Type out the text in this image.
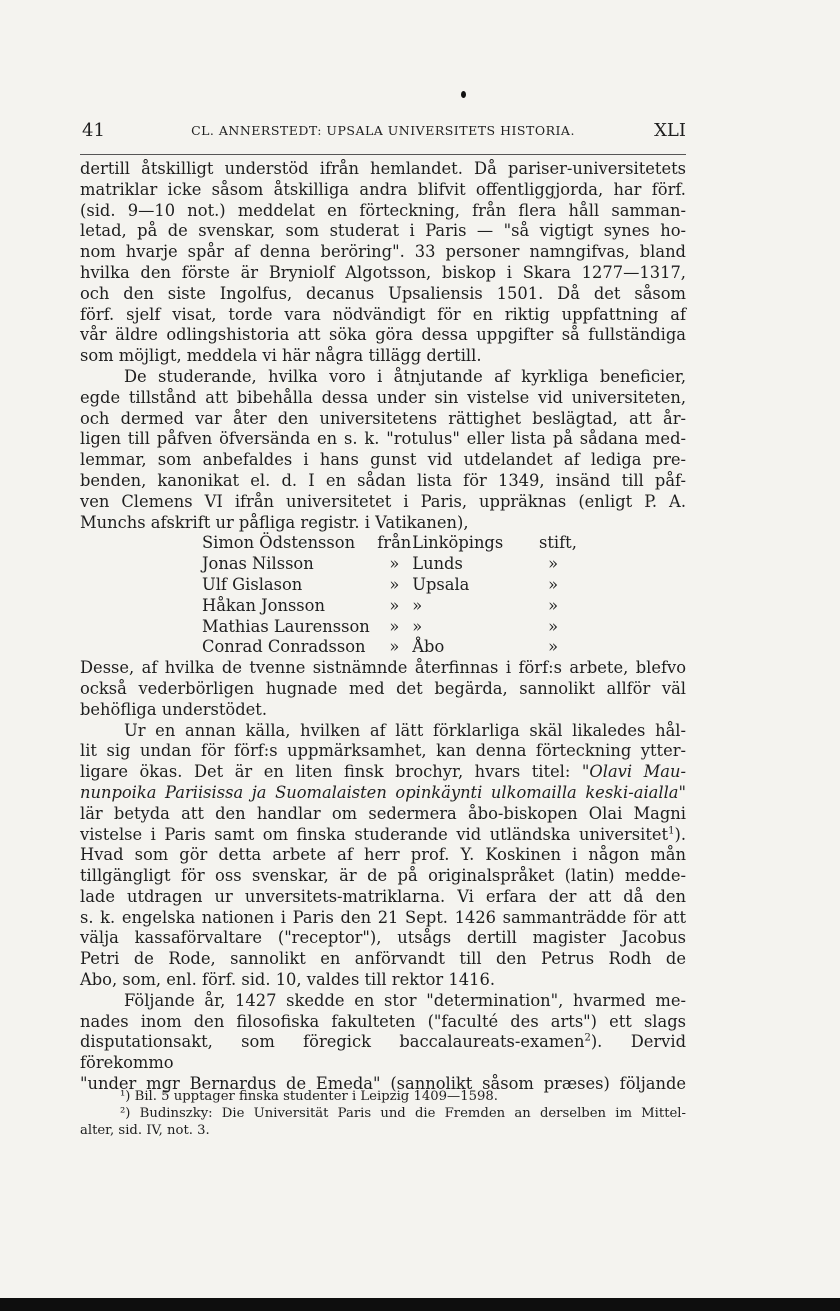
41	CL. ANNERSTEDT: UPSALA UNIVERSITETS HISTORIA.	XLI

dertill åtskilligt understöd ifrån hemlandet. Då pariser-universitetets

matriklar icke såsom åtskilliga andra blifvit offentliggjorda, har förf.

(sid. 9—10 not.) meddelat en förteckning, från flera håll samman-

letad, på de svenskar, som studerat i Paris — "så vigtigt synes ho-

nom hvarje spår af denna beröring". 33 personer namngifvas, bland

hvilka den förste är Bryniolf Algotsson, biskop i Skara 1277—1317,

och den siste Ingolfus, decanus Upsaliensis 1501. Då det såsom

förf. sjelf visat, torde vara nödvändigt för en riktig uppfattning af

vår äldre odlingshistoria att söka göra dessa uppgifter så fullständiga

som möjligt, meddela vi här några tillägg dertill.

De studerande, hvilka voro i åtnjutande af kyrkliga beneficier,

egde tillstånd att bibehålla dessa under sin vistelse vid universiteten,

och dermed var åter den universitetens rättighet beslägtad, att år-

ligen till påfven öfversända en s. k. "rotulus" eller lista på sådana med-

lemmar, som anbefaldes i hans gunst vid utdelandet af lediga pre-

benden, kanonikat el. d. I en sådan lista för 1349, insänd till påf-

ven Clemens VI ifrån universitetet i Paris, uppräknas (enligt P. A.

Munchs afskrift ur påfliga registr. i Vatikanen),

Simon Ödstensson	från Linköpings	stift,
Jonas Nilsson	» Lunds	»
Ulf Gislason	» Upsala	»
Håkan Jonsson	» »	»
Mathias Laurensson	» »	»
Conrad Conradsson	» Åbo	»

Desse, af hvilka de tvenne sistnämnde återfinnas i förf:s arbete, blefvo

också vederbörligen hugnade med det begärda, sannolikt allför väl

behöfliga understödet.

Ur en annan källa, hvilken af lätt förklarliga skäl likaledes hål-

lit sig undan för förf:s uppmärksamhet, kan denna förteckning ytter-

ligare ökas. Det är en liten finsk brochyr, hvars titel: "Olavi Mau-

nunpoika Pariisissa ja Suomalaisten opinkäynti ulkomailla keski-aialla"

lär betyda att den handlar om sedermera åbo-biskopen Olai Magni

vistelse i Paris samt om finska studerande vid utländska universitet$^1$).

Hvad som gör detta arbete af herr prof. Y. Koskinen i någon mån

tillgängligt för oss svenskar, är de på originalspråket (latin) medde-

lade utdragen ur unversitets-matriklarna. Vi erfara der att då den

s. k. engelska nationen i Paris den 21 Sept. 1426 sammanträdde för att

välja kassaförvaltare ("receptor"), utsågs dertill magister Jacobus

Petri de Rode, sannolikt en anförvandt till den Petrus Rodh de

Abo, som, enl. förf. sid. 10, valdes till rektor 1416.

Följande år, 1427 skedde en stor "determination", hvarmed me-

nades inom den filosofiska fakulteten ("faculté des arts") ett slags

disputationsakt, som föregick baccalaureats-examen$^2$). Dervid förekommo

"under mgr Bernardus de Emeda" (sannolikt såsom præses) följande

¹) Bil. 5 upptager finska studenter i Leipzig 1409—1598.

²) Budinszky: Die Universität Paris und die Fremden an derselben im Mittel-

alter, sid. IV, not. 3.
